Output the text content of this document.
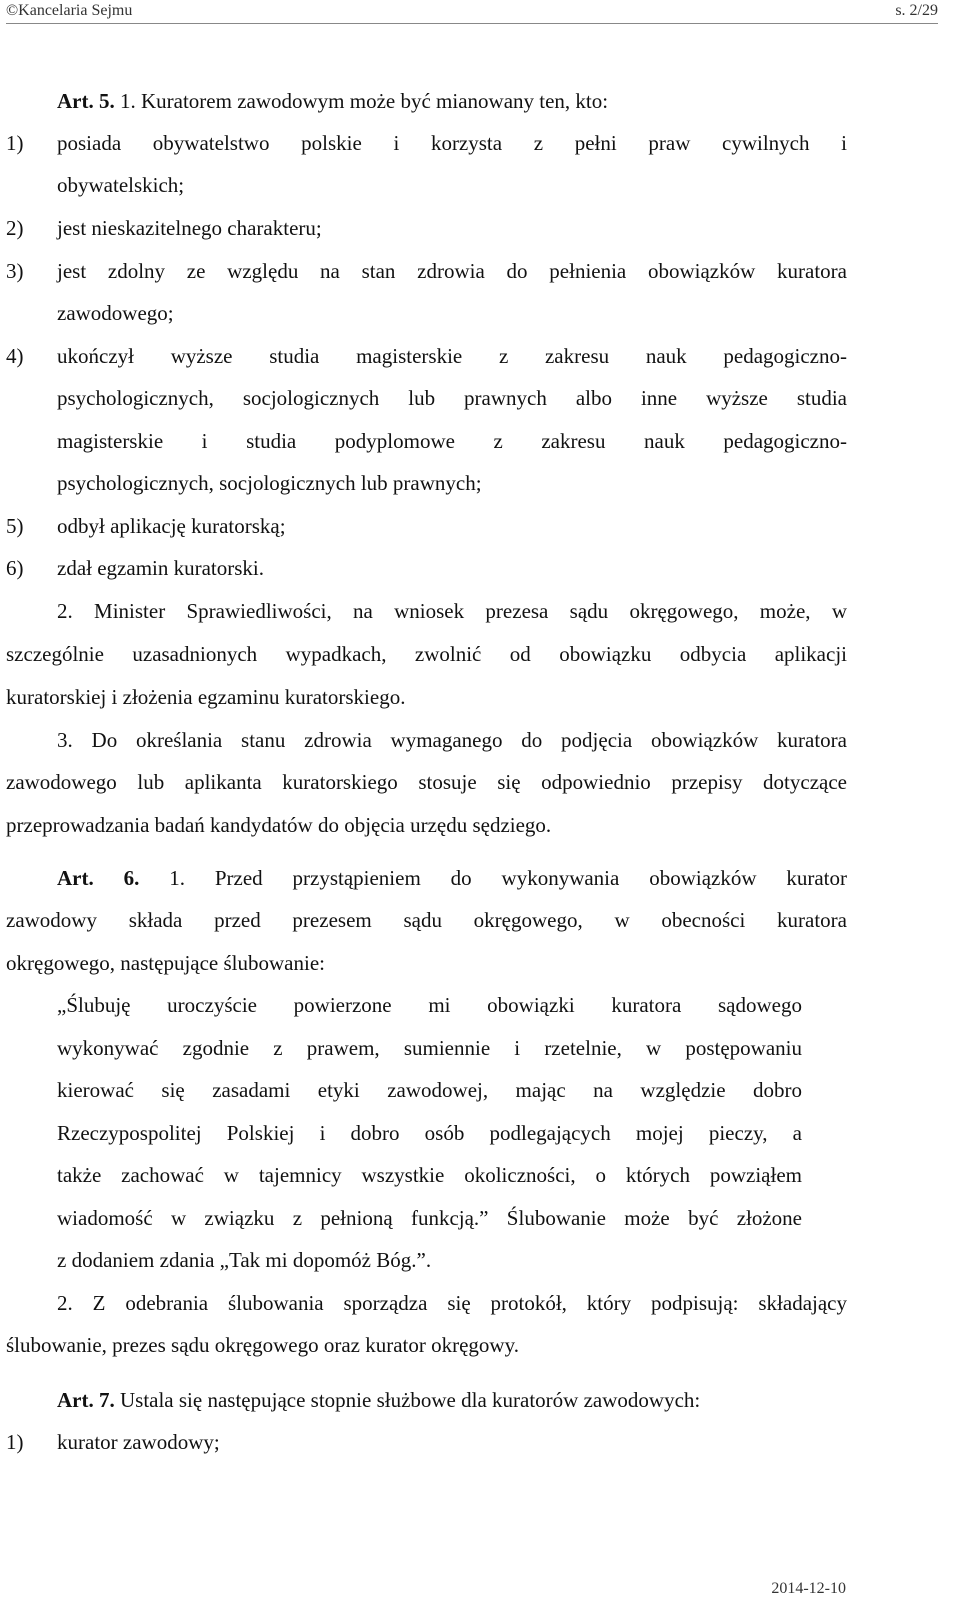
©Kancelaria Sejmu	s. 2/29
Art. 5. 1. Kuratorem zawodowym może być mianowany ten, kto:
1) posiada obywatelstwo polskie i korzysta z pełni praw cywilnych i
obywatelskich;
2) jest nieskazitelnego charakteru;
3) jest zdolny ze względu na stan zdrowia do pełnienia obowiązków kuratora
zawodowego;
4) ukończył wyższe studia magisterskie z zakresu nauk pedagogiczno-
psychologicznych, socjologicznych lub prawnych albo inne wyższe studia
magisterskie i studia podyplomowe z zakresu nauk pedagogiczno-
psychologicznych, socjologicznych lub prawnych;
5) odbył aplikację kuratorską;
6) zdał egzamin kuratorski.
2. Minister Sprawiedliwości, na wniosek prezesa sądu okręgowego, może, w
szczególnie uzasadnionych wypadkach, zwolnić od obowiązku odbycia aplikacji
kuratorskiej i złożenia egzaminu kuratorskiego.
3. Do określania stanu zdrowia wymaganego do podjęcia obowiązków kuratora
zawodowego lub aplikanta kuratorskiego stosuje się odpowiednio przepisy dotyczące
przeprowadzania badań kandydatów do objęcia urzędu sędziego.
Art. 6. 1. Przed przystąpieniem do wykonywania obowiązków kurator
zawodowy składa przed prezesem sądu okręgowego, w obecności kuratora
okręgowego, następujące ślubowanie:
„Ślubuję uroczyście powierzone mi obowiązki kuratora sądowego
wykonywać zgodnie z prawem, sumiennie i rzetelnie, w postępowaniu
kierować się zasadami etyki zawodowej, mając na względzie dobro
Rzeczypospolitej Polskiej i dobro osób podlegających mojej pieczy, a
także zachować w tajemnicy wszystkie okoliczności, o których powziąłem
wiadomość w związku z pełnioną funkcją.” Ślubowanie może być złożone
z dodaniem zdania „Tak mi dopomóż Bóg.”.
2. Z odebrania ślubowania sporządza się protokół, który podpisują: składający
ślubowanie, prezes sądu okręgowego oraz kurator okręgowy.
Art. 7. Ustala się następujące stopnie służbowe dla kuratorów zawodowych:
1) kurator zawodowy;
2014-12-10
